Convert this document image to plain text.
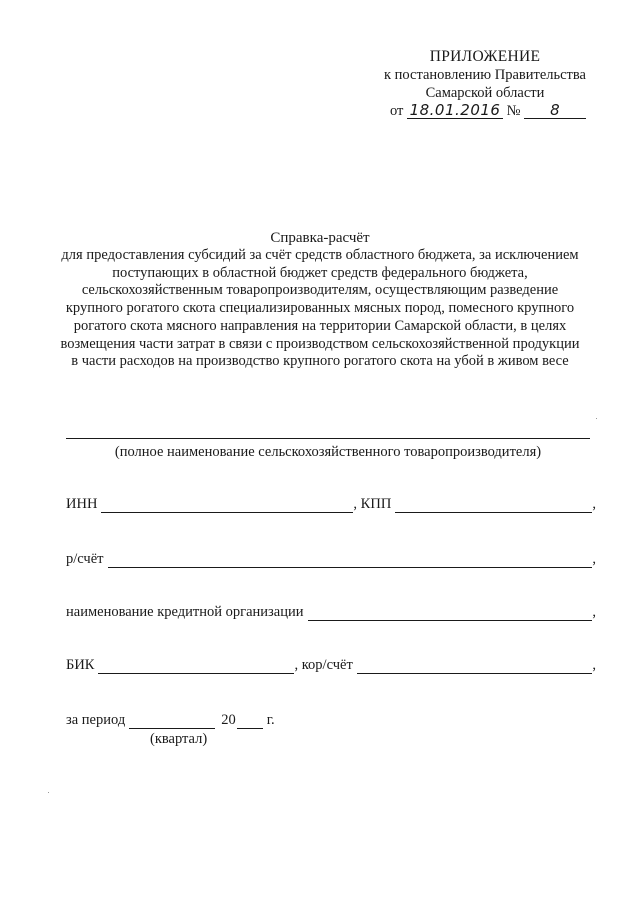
ПРИЛОЖЕНИЕ
к постановлению Правительства
Самарской области
от 18.01.2016 № 8
Справка-расчёт
для предоставления субсидий за счёт средств областного бюджета, за исключением поступающих в областной бюджет средств федерального бюджета, сельскохозяйственным товаропроизводителям, осуществляющим разведение крупного рогатого скота специализированных мясных пород, помесного крупного рогатого скота мясного направления на территории Самарской области, в целях возмещения части затрат в связи с производством сельскохозяйственной продукции в части расходов на производство крупного рогатого скота на убой в живом весе
(полное наименование сельскохозяйственного товаропроизводителя)
ИНН	, КПП	,
р/счёт	,
наименование кредитной организации	,
БИК	, кор/счёт	,
за период	20 г.
(квартал)
